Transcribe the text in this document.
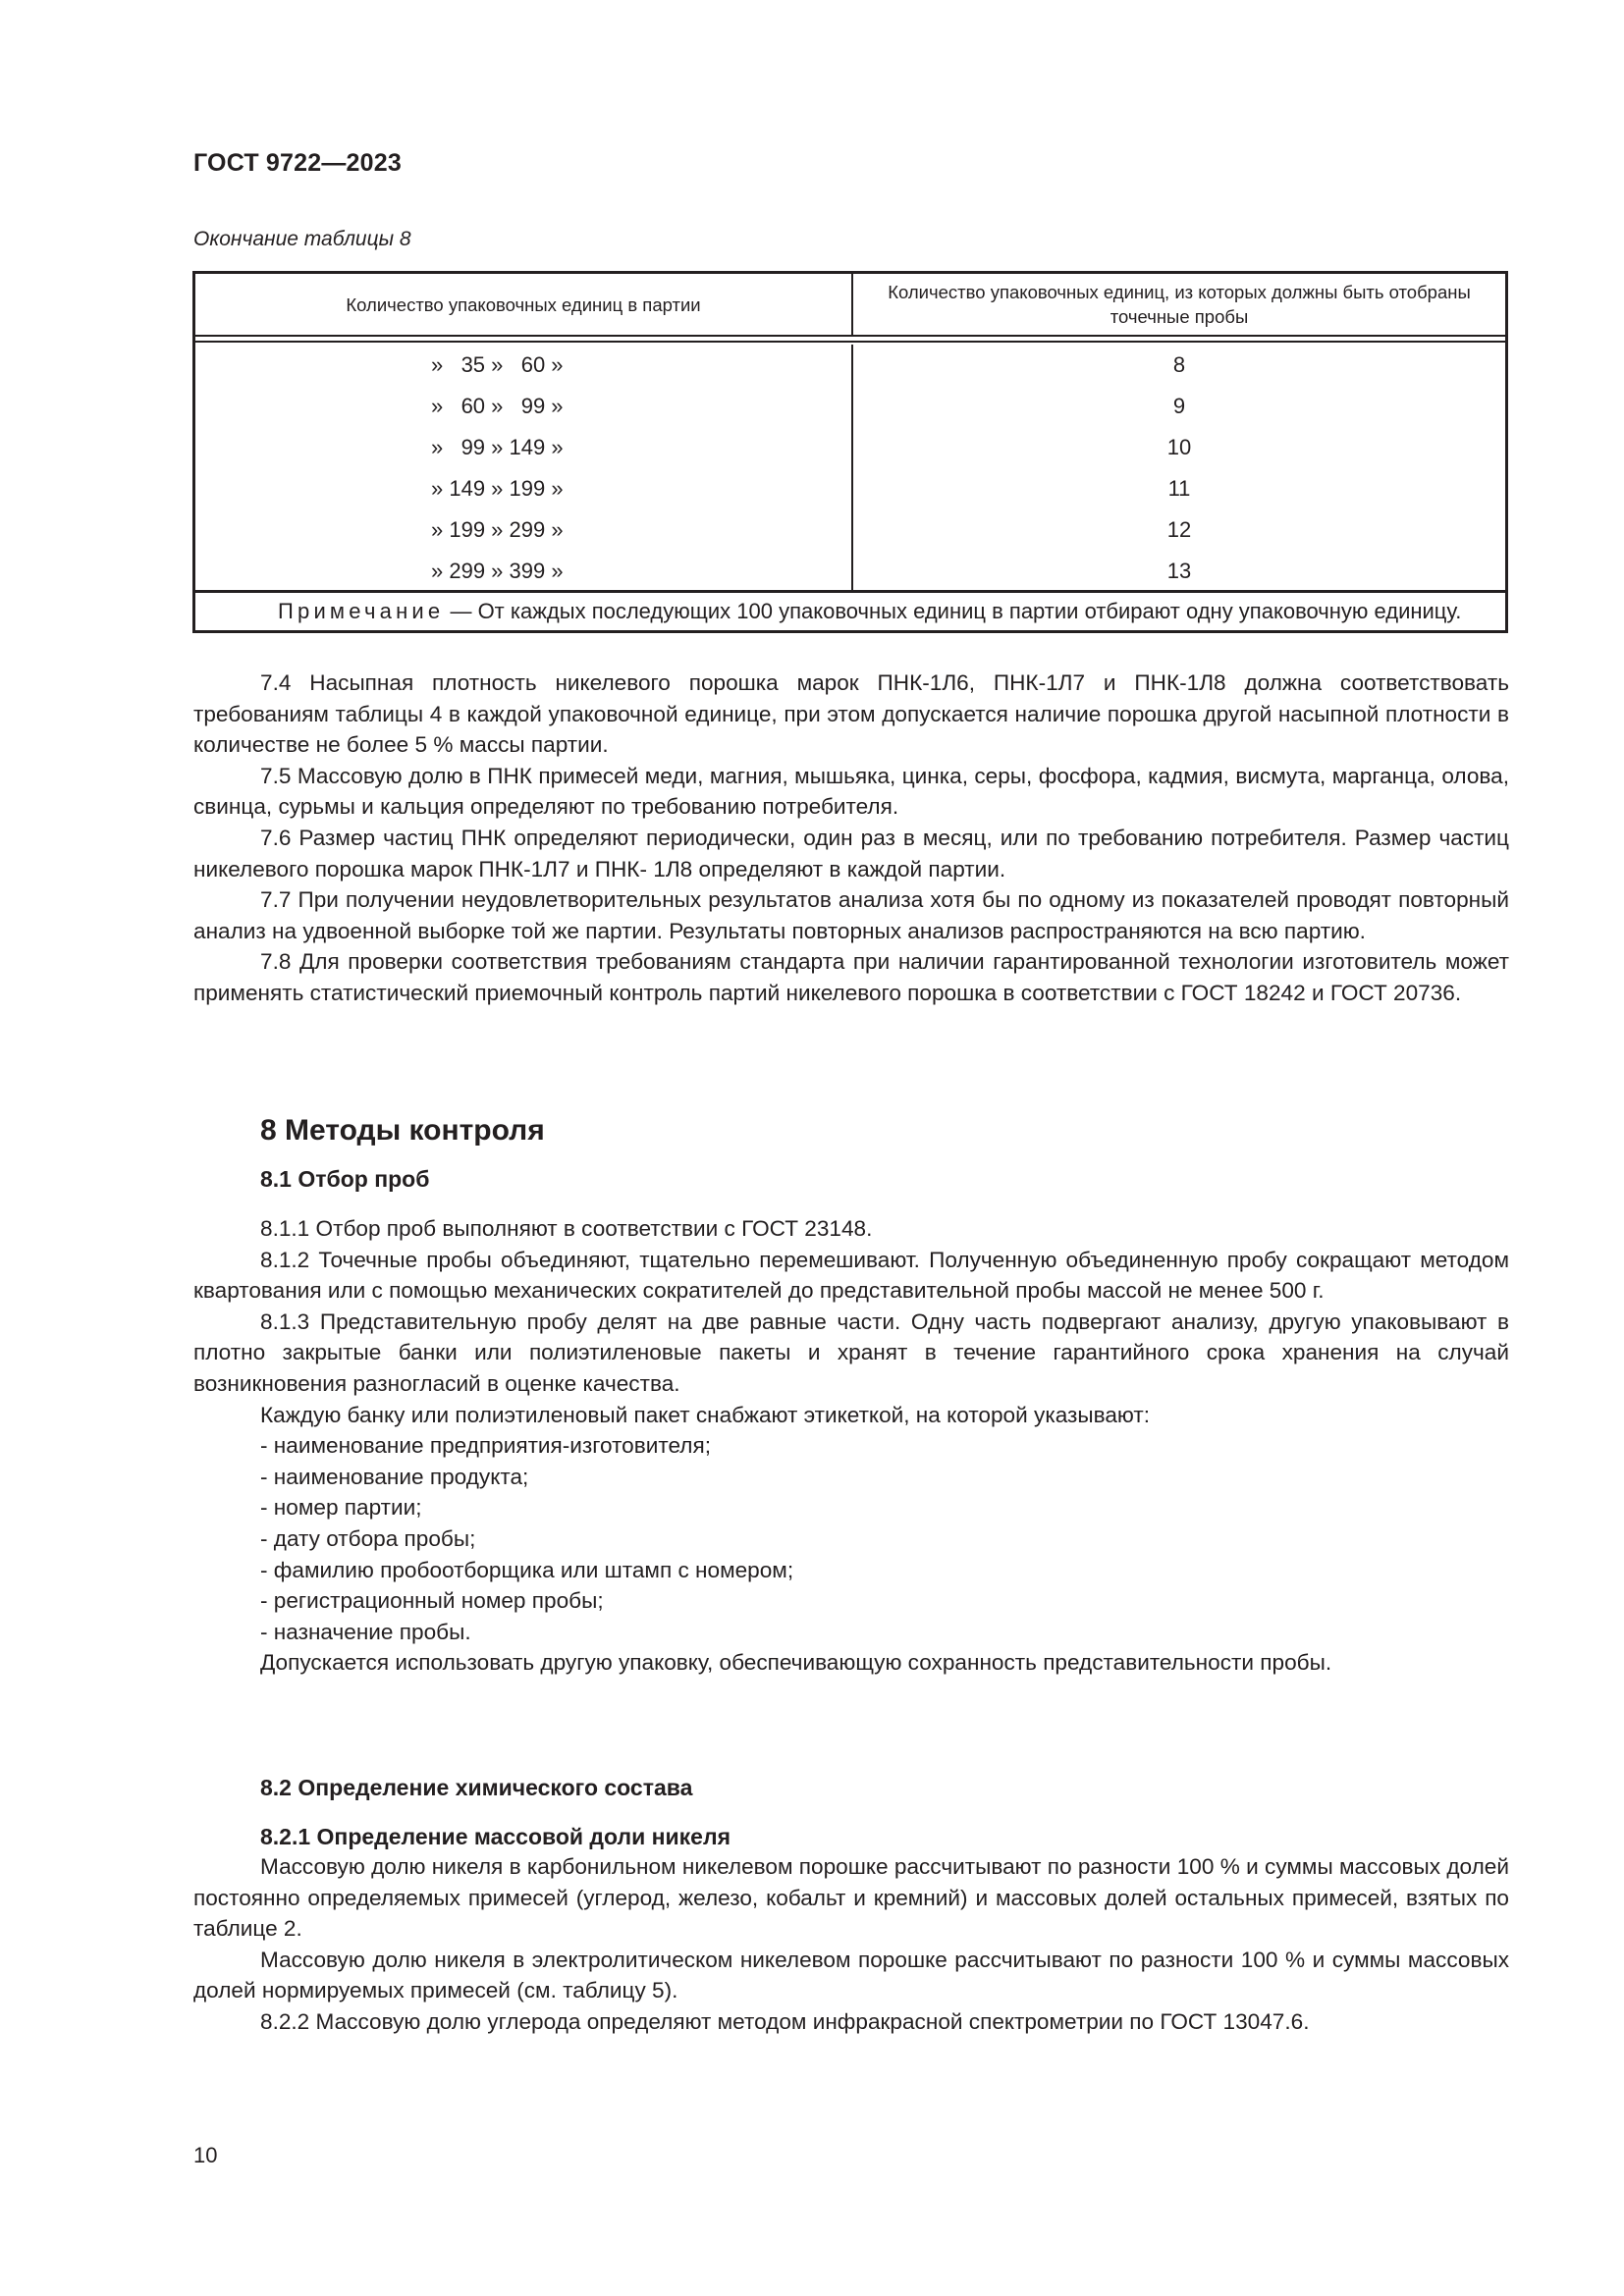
ГОСТ 9722—2023
Окончание таблицы 8
Количество упаковочных единиц в партии
Количество упаковочных единиц, из которых должны быть отобраны точечные пробы
»   35 »   60 »	8
»   60 »   99 »	9
»   99 » 149 »	10
» 149 » 199 »	11
» 199 » 299 »	12
» 299 » 399 »	13
Примечание — От каждых последующих 100 упаковочных единиц в партии отбирают одну упаковочную единицу.

7.4 Насыпная плотность никелевого порошка марок ПНК-1Л6, ПНК-1Л7 и ПНК-1Л8 должна соответствовать требованиям таблицы 4 в каждой упаковочной единице, при этом допускается наличие порошка другой насыпной плотности в количестве не более 5 % массы партии.

7.5 Массовую долю в ПНК примесей меди, магния, мышьяка, цинка, серы, фосфора, кадмия, висмута, марганца, олова, свинца, сурьмы и кальция определяют по требованию потребителя.

7.6 Размер частиц ПНК определяют периодически, один раз в месяц, или по требованию потребителя. Размер частиц никелевого порошка марок ПНК-1Л7 и ПНК- 1Л8 определяют в каждой партии.

7.7 При получении неудовлетворительных результатов анализа хотя бы по одному из показателей проводят повторный анализ на удвоенной выборке той же партии. Результаты повторных анализов распространяются на всю партию.

7.8 Для проверки соответствия требованиям стандарта при наличии гарантированной технологии изготовитель может применять статистический приемочный контроль партий никелевого порошка в соответствии с ГОСТ 18242 и ГОСТ 20736.

8 Методы контроля
8.1 Отбор проб

8.1.1 Отбор проб выполняют в соответствии с ГОСТ 23148.

8.1.2 Точечные пробы объединяют, тщательно перемешивают. Полученную объединенную пробу сокращают методом квартования или с помощью механических сократителей до представительной пробы массой не менее 500 г.

8.1.3 Представительную пробу делят на две равные части. Одну часть подвергают анализу, другую упаковывают в плотно закрытые банки или полиэтиленовые пакеты и хранят в течение гарантийного срока хранения на случай возникновения разногласий в оценке качества.

Каждую банку или полиэтиленовый пакет снабжают этикеткой, на которой указывают:

- наименование предприятия-изготовителя;
- наименование продукта;
- номер партии;
- дату отбора пробы;
- фамилию пробоотборщика или штамп с номером;
- регистрационный номер пробы;
- назначение пробы.

Допускается использовать другую упаковку, обеспечивающую сохранность представительности пробы.

8.2 Определение химического состава
8.2.1 Определение массовой доли никеля

Массовую долю никеля в карбонильном никелевом порошке рассчитывают по разности 100 % и суммы массовых долей постоянно определяемых примесей (углерод, железо, кобальт и кремний) и массовых долей остальных примесей, взятых по таблице 2.

Массовую долю никеля в электролитическом никелевом порошке рассчитывают по разности 100 % и суммы массовых долей нормируемых примесей (см. таблицу 5).

8.2.2 Массовую долю углерода определяют методом инфракрасной спектрометрии по ГОСТ 13047.6.

10
